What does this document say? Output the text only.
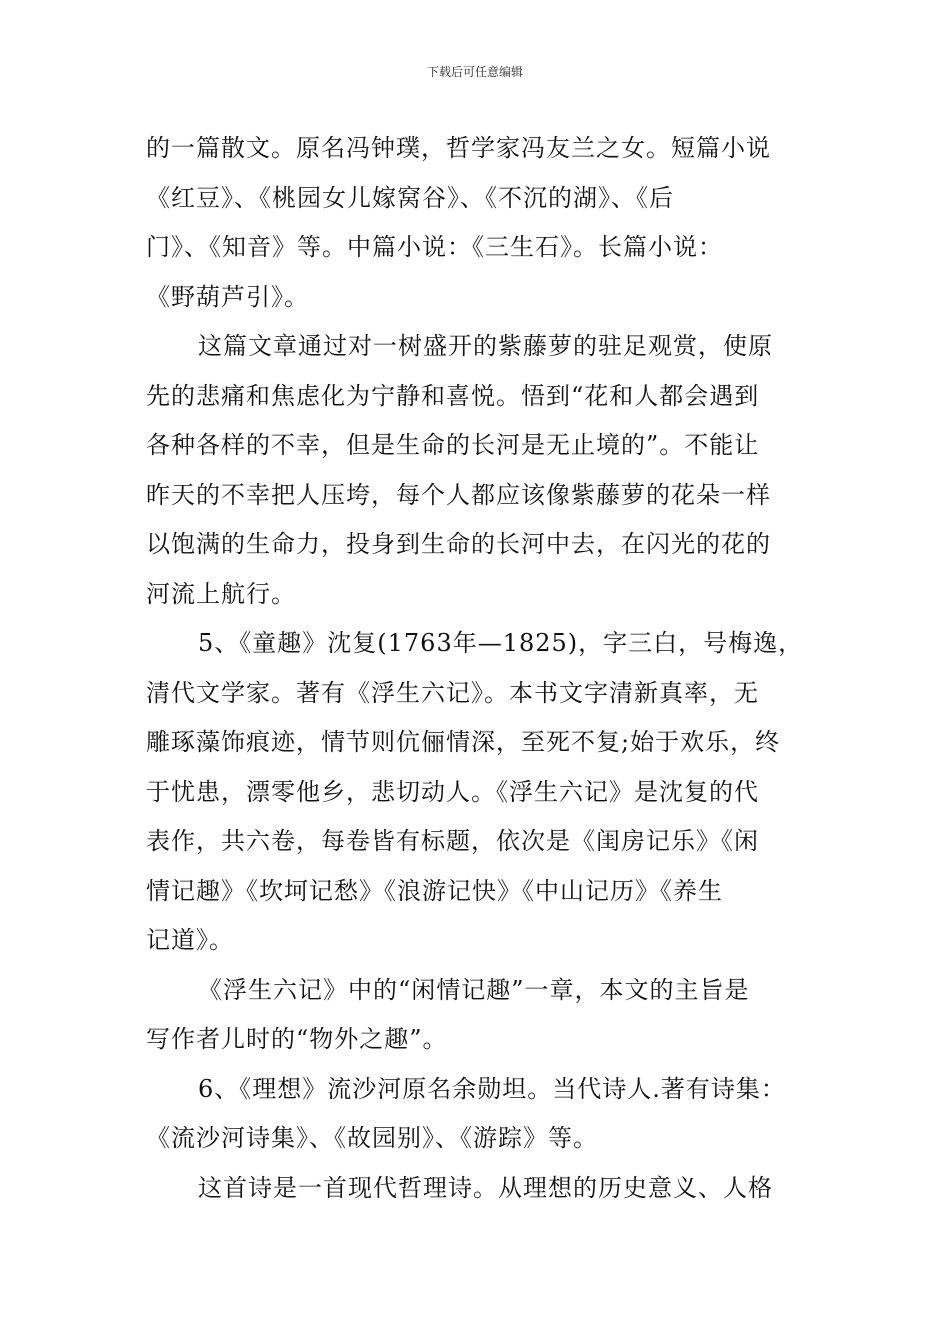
下载后可任意编辑
的一篇散文。原名冯钟璞，哲学家冯友兰之女。短篇小说
《红豆》、《桃园女儿嫁窝谷》、《不沉的湖》、《后
门》、《知音》等。中篇小说：《三生石》。长篇小说：
《野葫芦引》。
这篇文章通过对一树盛开的紫藤萝的驻足观赏，使原
先的悲痛和焦虑化为宁静和喜悦。悟到“花和人都会遇到
各种各样的不幸，但是生命的长河是无止境的”。不能让
昨天的不幸把人压垮，每个人都应该像紫藤萝的花朵一样
以饱满的生命力，投身到生命的长河中去，在闪光的花的
河流上航行。
5、《童趣》沈复(1763年—1825)，字三白，号梅逸，
清代文学家。著有《浮生六记》。本书文字清新真率，无
雕琢藻饰痕迹，情节则伉俪情深，至死不复;始于欢乐，终
于忧患，漂零他乡，悲切动人。《浮生六记》是沈复的代
表作，共六卷，每卷皆有标题，依次是《闺房记乐》《闲
情记趣》《坎坷记愁》《浪游记快》《中山记历》《养生
记道》。
《浮生六记》中的“闲情记趣”一章，本文的主旨是
写作者儿时的“物外之趣”。
6、《理想》流沙河原名余勋坦。当代诗人.著有诗集：
《流沙河诗集》、《故园别》、《游踪》等。
这首诗是一首现代哲理诗。从理想的历史意义、人格
